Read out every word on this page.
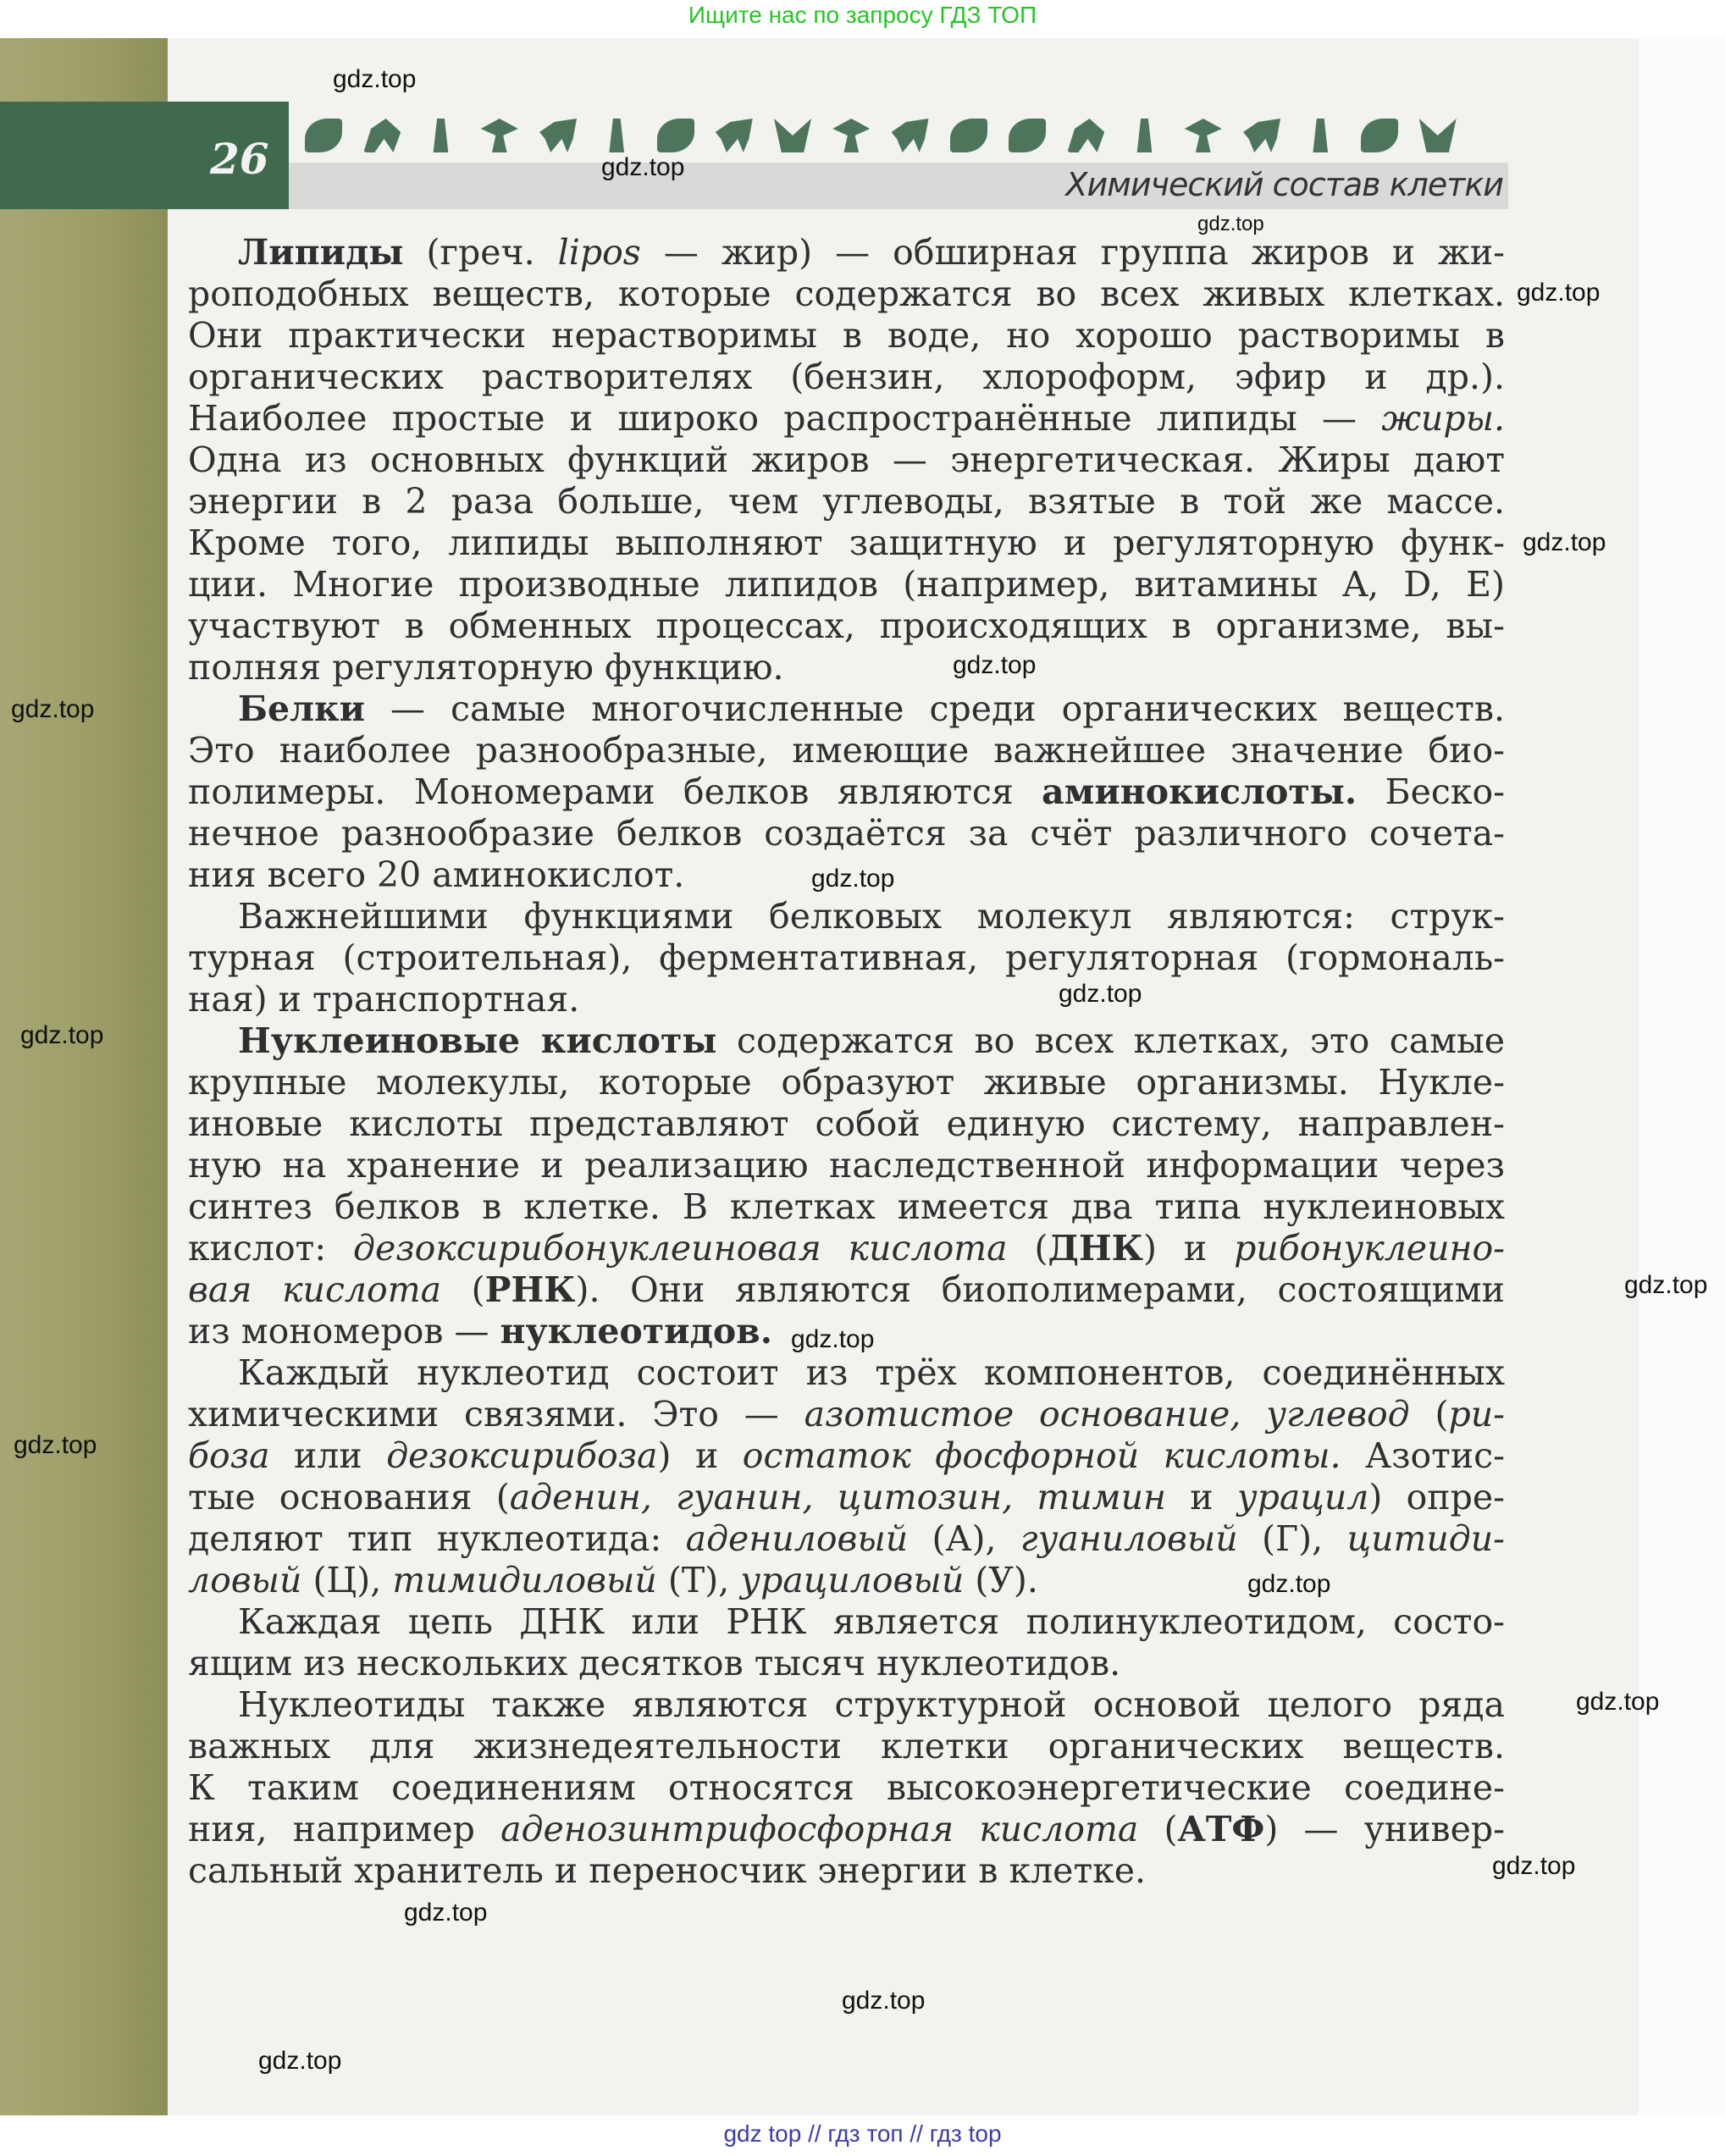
Ищите нас по запросу ГДЗ ТОП
26
Химический состав клетки
Липиды (греч. lipos — жир) — обширная группа жиров и жи-
роподобных веществ, которые содержатся во всех живых клетках.
Они практически нерастворимы в воде, но хорошо растворимы в
органических растворителях (бензин, хлороформ, эфир и др.).
Наиболее простые и широко распространённые липиды — жиры.
Одна из основных функций жиров — энергетическая. Жиры дают
энергии в 2 раза больше, чем углеводы, взятые в той же массе.
Кроме того, липиды выполняют защитную и регуляторную функ-
ции. Многие производные липидов (например, витамины A, D, E)
участвуют в обменных процессах, происходящих в организме, вы-
полняя регуляторную функцию.
Белки — самые многочисленные среди органических веществ.
Это наиболее разнообразные, имеющие важнейшее значение био-
полимеры. Мономерами белков являются аминокислоты. Беско-
нечное разнообразие белков создаётся за счёт различного сочета-
ния всего 20 аминокислот.
Важнейшими функциями белковых молекул являются: струк-
турная (строительная), ферментативная, регуляторная (гормональ-
ная) и транспортная.
Нуклеиновые кислоты содержатся во всех клетках, это самые
крупные молекулы, которые образуют живые организмы. Нукле-
иновые кислоты представляют собой единую систему, направлен-
ную на хранение и реализацию наследственной информации через
синтез белков в клетке. В клетках имеется два типа нуклеиновых
кислот: дезоксирибонуклеиновая кислота (ДНК) и рибонуклеино-
вая кислота (РНК). Они являются биополимерами, состоящими
из мономеров — нуклеотидов.
Каждый нуклеотид состоит из трёх компонентов, соединённых
химическими связями. Это — азотистое основание, углевод (ри-
боза или дезоксирибоза) и остаток фосфорной кислоты. Азотис-
тые основания (аденин, гуанин, цитозин, тимин и урацил) опре-
деляют тип нуклеотида: адениловый (А), гуаниловый (Г), цитиди-
ловый (Ц), тимидиловый (Т), урациловый (У).
Каждая цепь ДНК или РНК является полинуклеотидом, состо-
ящим из нескольких десятков тысяч нуклеотидов.
Нуклеотиды также являются структурной основой целого ряда
важных для жизнедеятельности клетки органических веществ.
К таким соединениям относятся высокоэнергетические соедине-
ния, например аденозинтрифосфорная кислота (АТФ) — универ-
сальный хранитель и переносчик энергии в клетке.
gdz.top
gdz.top
gdz.top
gdz.top
gdz.top
gdz.top
gdz.top
gdz.top
gdz.top
gdz.top
gdz.top
gdz.top
gdz.top
gdz.top
gdz.top
gdz.top
gdz.top
gdz.top
gdz.top
gdz top // гдз топ // гдз top
